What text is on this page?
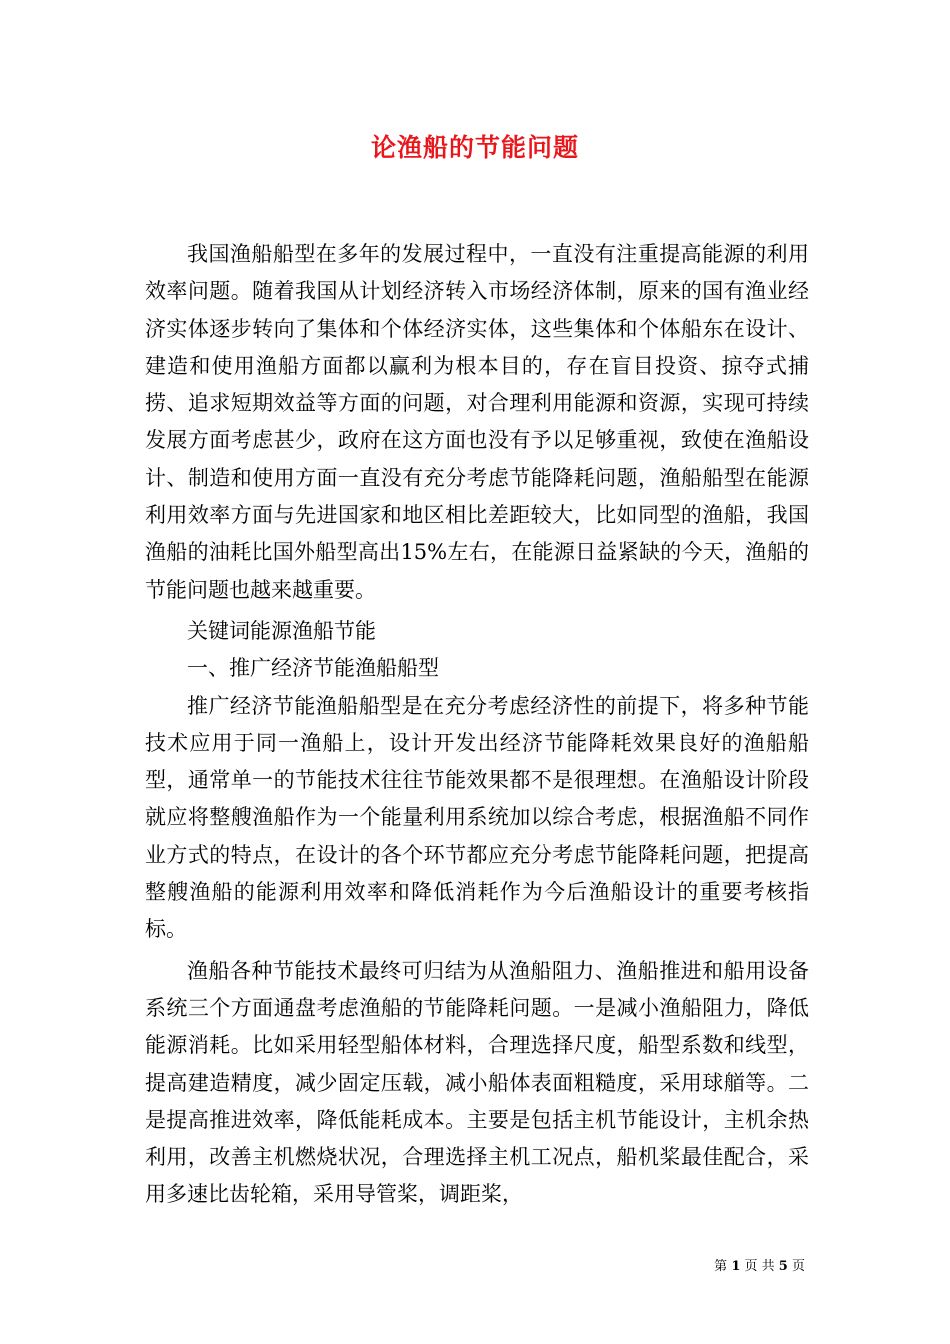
论渔船的节能问题

我国渔船船型在多年的发展过程中，一直没有注重提高能源的利用效率问题。随着我国从计划经济转入市场经济体制，原来的国有渔业经济实体逐步转向了集体和个体经济实体，这些集体和个体船东在设计、建造和使用渔船方面都以赢利为根本目的，存在盲目投资、掠夺式捕捞、追求短期效益等方面的问题，对合理利用能源和资源，实现可持续发展方面考虑甚少，政府在这方面也没有予以足够重视，致使在渔船设计、制造和使用方面一直没有充分考虑节能降耗问题，渔船船型在能源利用效率方面与先进国家和地区相比差距较大，比如同型的渔船，我国渔船的油耗比国外船型高出15%左右，在能源日益紧缺的今天，渔船的节能问题也越来越重要。

关键词能源渔船节能

一、推广经济节能渔船船型

推广经济节能渔船船型是在充分考虑经济性的前提下，将多种节能技术应用于同一渔船上，设计开发出经济节能降耗效果良好的渔船船型，通常单一的节能技术往往节能效果都不是很理想。在渔船设计阶段就应将整艘渔船作为一个能量利用系统加以综合考虑，根据渔船不同作业方式的特点，在设计的各个环节都应充分考虑节能降耗问题，把提高整艘渔船的能源利用效率和降低消耗作为今后渔船设计的重要考核指标。

渔船各种节能技术最终可归结为从渔船阻力、渔船推进和船用设备系统三个方面通盘考虑渔船的节能降耗问题。一是减小渔船阻力，降低能源消耗。比如采用轻型船体材料，合理选择尺度，船型系数和线型，提高建造精度，减少固定压载，减小船体表面粗糙度，采用球艏等。二是提高推进效率，降低能耗成本。主要是包括主机节能设计，主机余热利用，改善主机燃烧状况，合理选择主机工况点，船机桨最佳配合，采用多速比齿轮箱，采用导管桨，调距桨，

第 1 页 共 5 页
